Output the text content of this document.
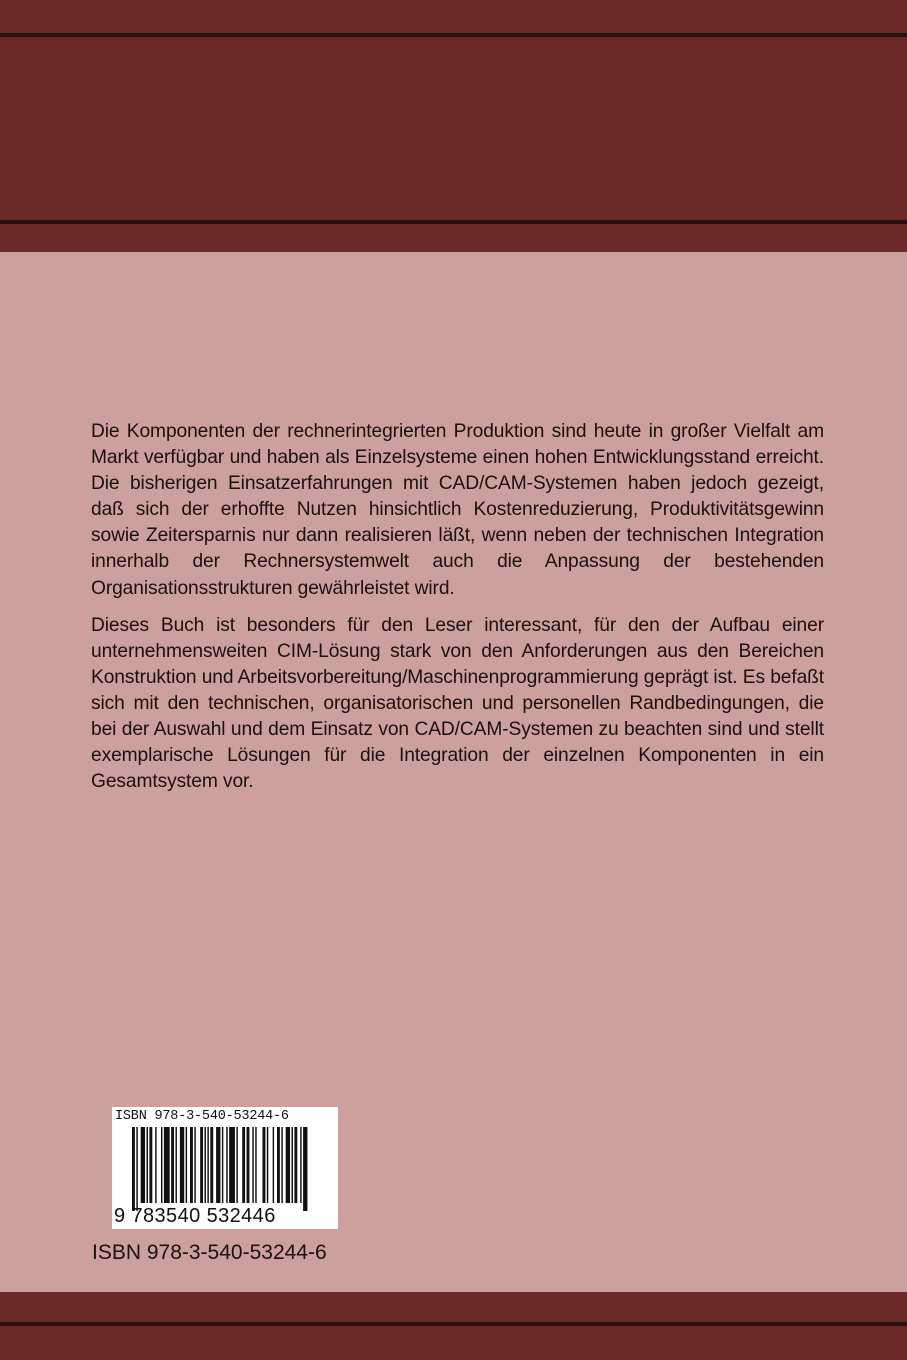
Die Komponenten der rechnerintegrierten Produktion sind heute in großer Vielfalt am Markt verfügbar und haben als Einzelsysteme einen hohen Entwicklungsstand erreicht. Die bisherigen Einsatzerfahrungen mit CAD/CAM-Systemen haben jedoch gezeigt, daß sich der erhoffte Nutzen hinsichtlich Kostenreduzierung, Produktivitätsgewinn sowie Zeitersparnis nur dann realisieren läßt, wenn neben der technischen Integration innerhalb der Rechnersystemwelt auch die Anpassung der bestehenden Organisationsstrukturen gewährleistet wird.

Dieses Buch ist besonders für den Leser interessant, für den der Aufbau einer unternehmensweiten CIM-Lösung stark von den Anforderungen aus den Bereichen Konstruktion und Arbeitsvorbereitung/Maschinenprogrammierung geprägt ist. Es befaßt sich mit den technischen, organisatorischen und personellen Randbedingungen, die bei der Auswahl und dem Einsatz von CAD/CAM-Systemen zu beachten sind und stellt exemplarische Lösungen für die Integration der einzelnen Komponenten in ein Gesamtsystem vor.

ISBN 978-3-540-53244-6
9 783540 532446
ISBN 978-3-540-53244-6
